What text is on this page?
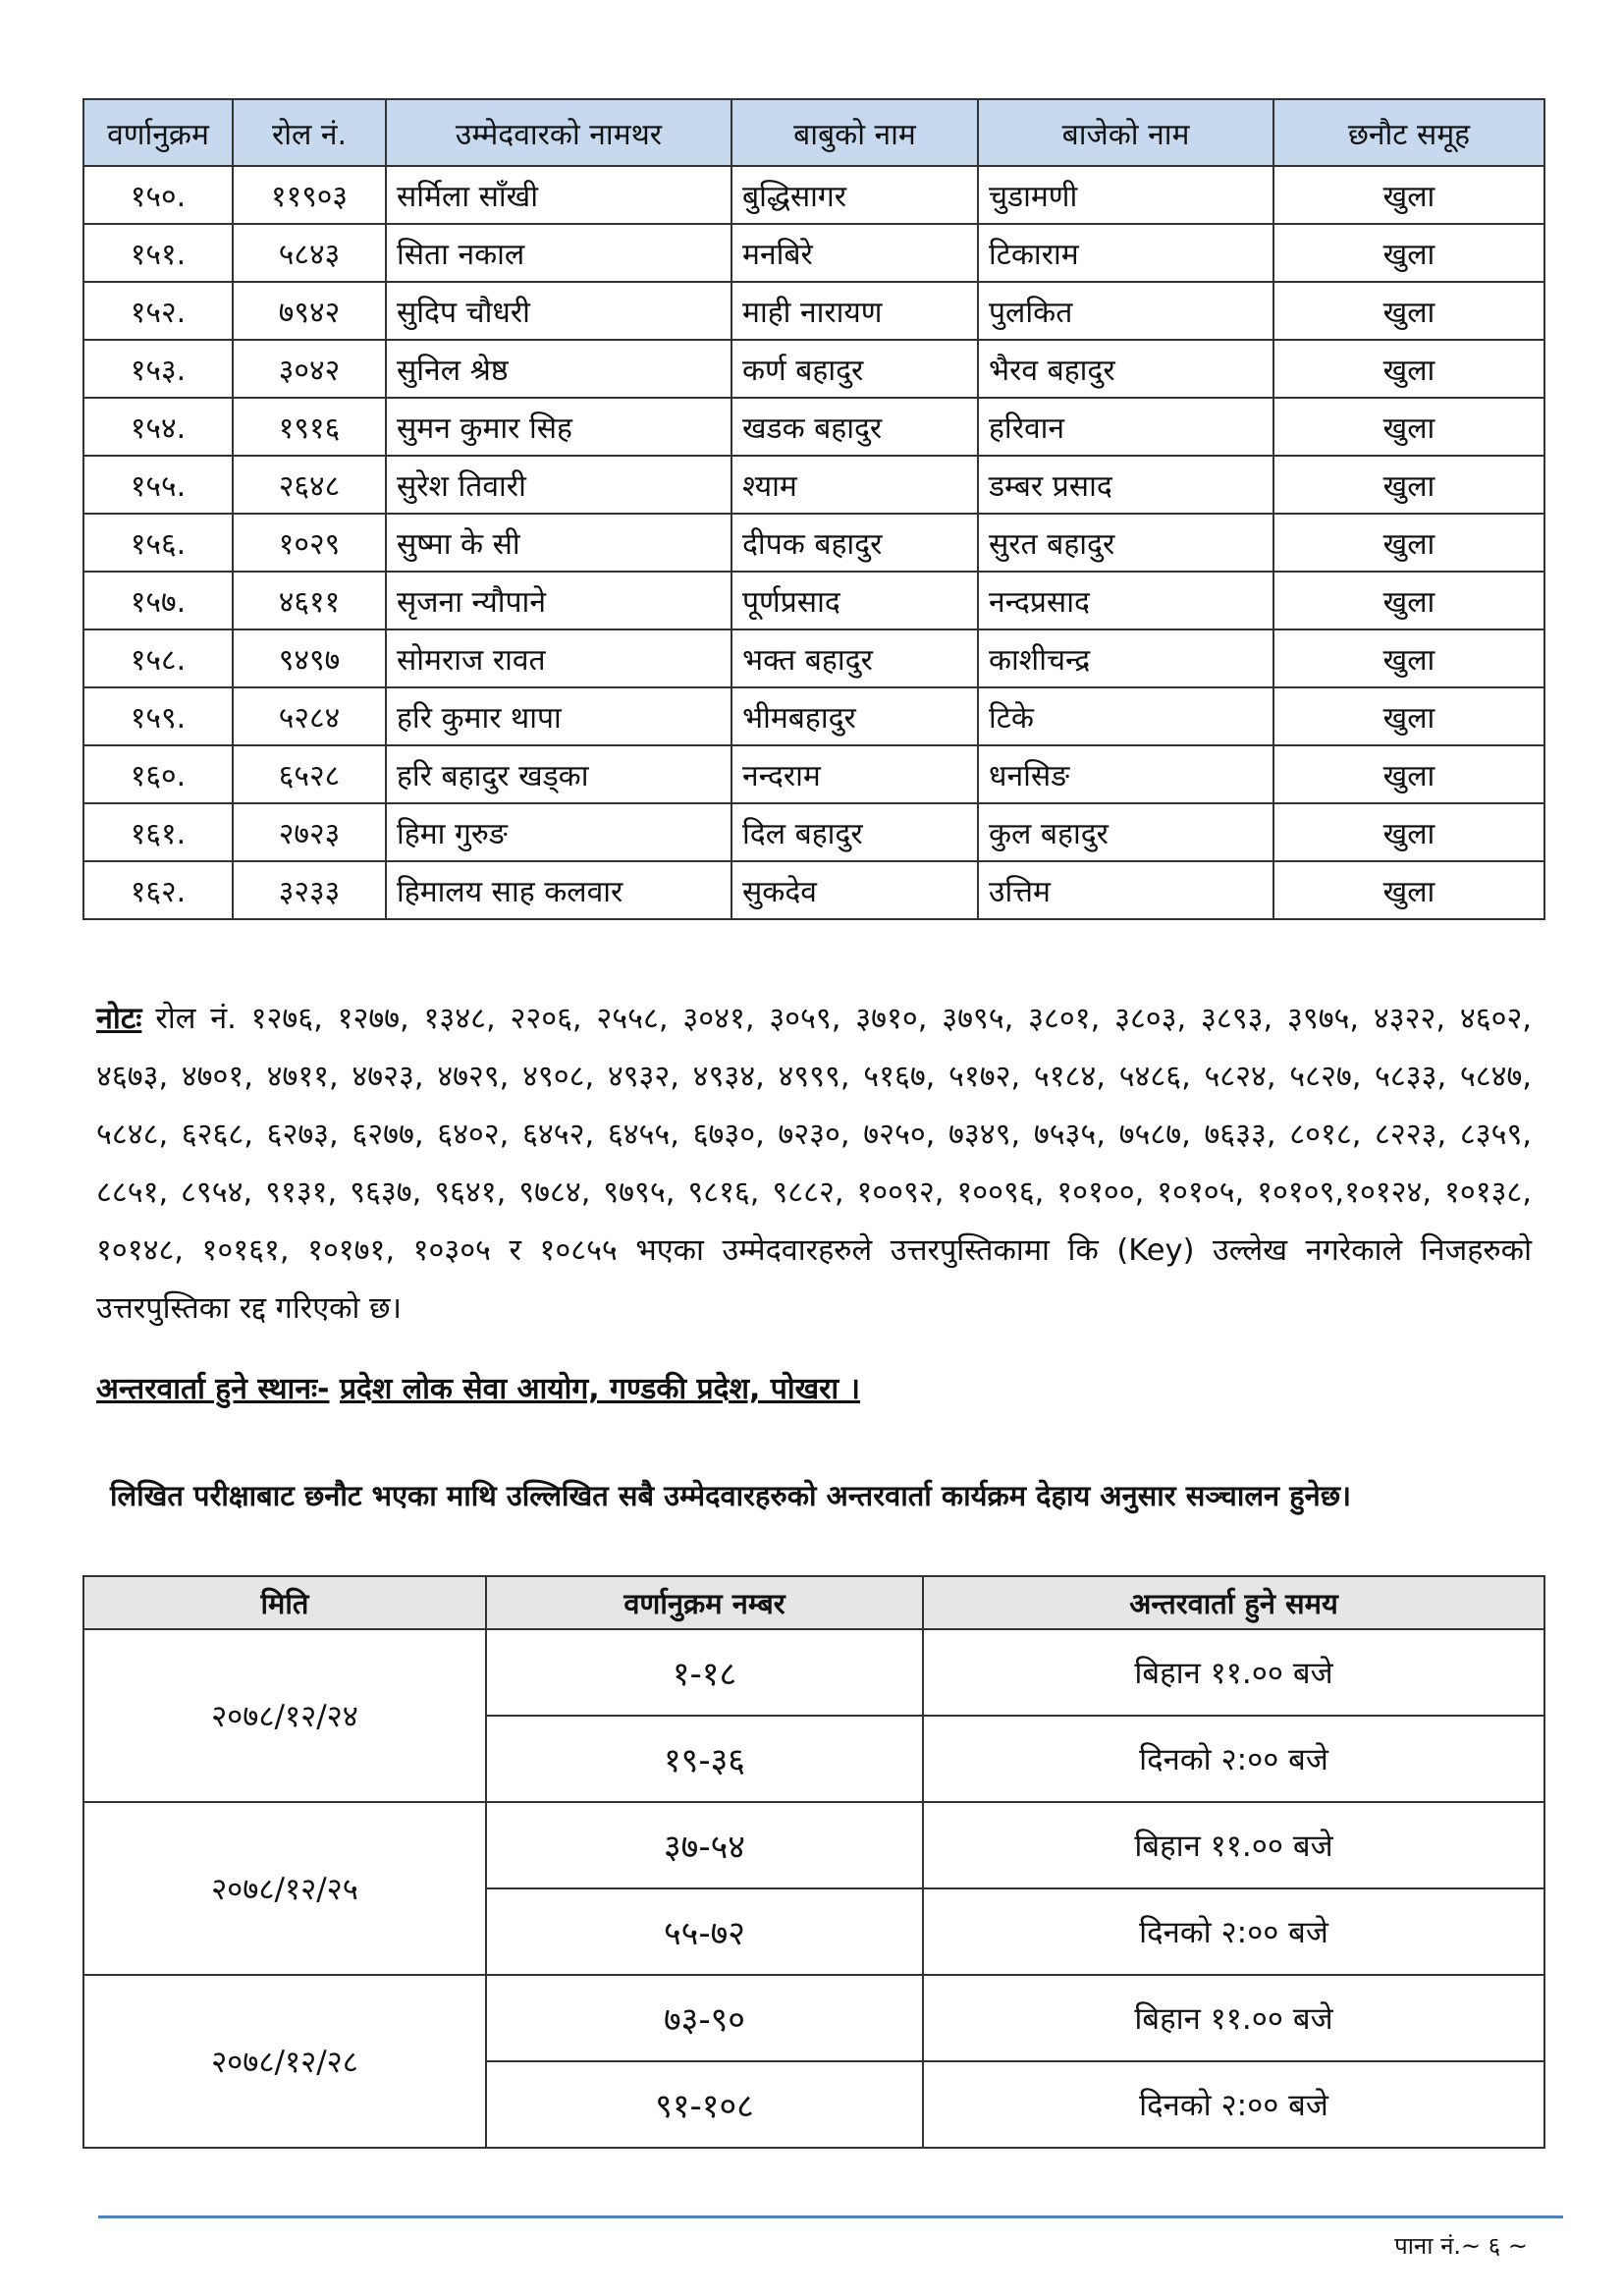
वर्णानुक्रम	रोल नं.	उम्मेदवारको नामथर	बाबुको नाम	बाजेको नाम	छनौट समूह
१५०.	११९०३	सर्मिला साँखी	बुद्धिसागर	चुडामणी	खुला
१५१.	५८४३	सिता नकाल	मनबिरे	टिकाराम	खुला
१५२.	७९४२	सुदिप चौधरी	माही नारायण	पुलकित	खुला
१५३.	३०४२	सुनिल श्रेष्ठ	कर्ण बहादुर	भैरव बहादुर	खुला
१५४.	१९१६	सुमन कुमार सिह	खडक बहादुर	हरिवान	खुला
१५५.	२६४८	सुरेश तिवारी	श्याम	डम्बर प्रसाद	खुला
१५६.	१०२९	सुष्मा के सी	दीपक बहादुर	सुरत बहादुर	खुला
१५७.	४६११	सृजना न्यौपाने	पूर्णप्रसाद	नन्दप्रसाद	खुला
१५८.	९४९७	सोमराज रावत	भक्त बहादुर	काशीचन्द्र	खुला
१५९.	५२८४	हरि कुमार थापा	भीमबहादुर	टिके	खुला
१६०.	६५२८	हरि बहादुर खड्का	नन्दराम	धनसिङ	खुला
१६१.	२७२३	हिमा गुरुङ	दिल बहादुर	कुल बहादुर	खुला
१६२.	३२३३	हिमालय साह कलवार	सुकदेव	उत्तिम	खुला
नोटः रोल नं. १२७६, १२७७, १३४८, २२०६, २५५८, ३०४१, ३०५९, ३७१०, ३७९५, ३८०१, ३८०३, ३८९३, ३९७५, ४३२२, ४६०२, ४६७३, ४७०१, ४७११, ४७२३, ४७२९, ४९०८, ४९३२, ४९३४, ४९९९, ५१६७, ५१७२, ५१८४, ५४८६, ५८२४, ५८२७, ५८३३, ५८४७, ५८४८, ६२६८, ६२७३, ६२७७, ६४०२, ६४५२, ६४५५, ६७३०, ७२३०, ७२५०, ७३४९, ७५३५, ७५८७, ७६३३, ८०१८, ८२२३, ८३५९, ८८५१, ८९५४, ९१३१, ९६३७, ९६४१, ९७८४, ९७९५, ९८१६, ९८८२, १००९२, १००९६, १०१००, १०१०५, १०१०९,१०१२४, १०१३८, १०१४८, १०१६१, १०१७१, १०३०५ र १०८५५ भएका उम्मेदवारहरुले उत्तरपुस्तिकामा कि (Key) उल्लेख नगरेकाले निजहरुको उत्तरपुस्तिका रद्द गरिएको छ।
अन्तरवार्ता हुने स्थानः- प्रदेश लोक सेवा आयोग, गण्डकी प्रदेश, पोखरा ।
लिखित परीक्षाबाट छनौट भएका माथि उल्लिखित सबै उम्मेदवारहरुको अन्तरवार्ता कार्यक्रम देहाय अनुसार सञ्चालन हुनेछ।
मिति	वर्णानुक्रम नम्बर	अन्तरवार्ता हुने समय
२०७८/१२/२४	१-१८	बिहान ११.०० बजे
	१९-३६	दिनको २:०० बजे
२०७८/१२/२५	३७-५४	बिहान ११.०० बजे
	५५-७२	दिनको २:०० बजे
२०७८/१२/२८	७३-९०	बिहान ११.०० बजे
	९१-१०८	दिनको २:०० बजे
पाना नं.~ ६ ~
